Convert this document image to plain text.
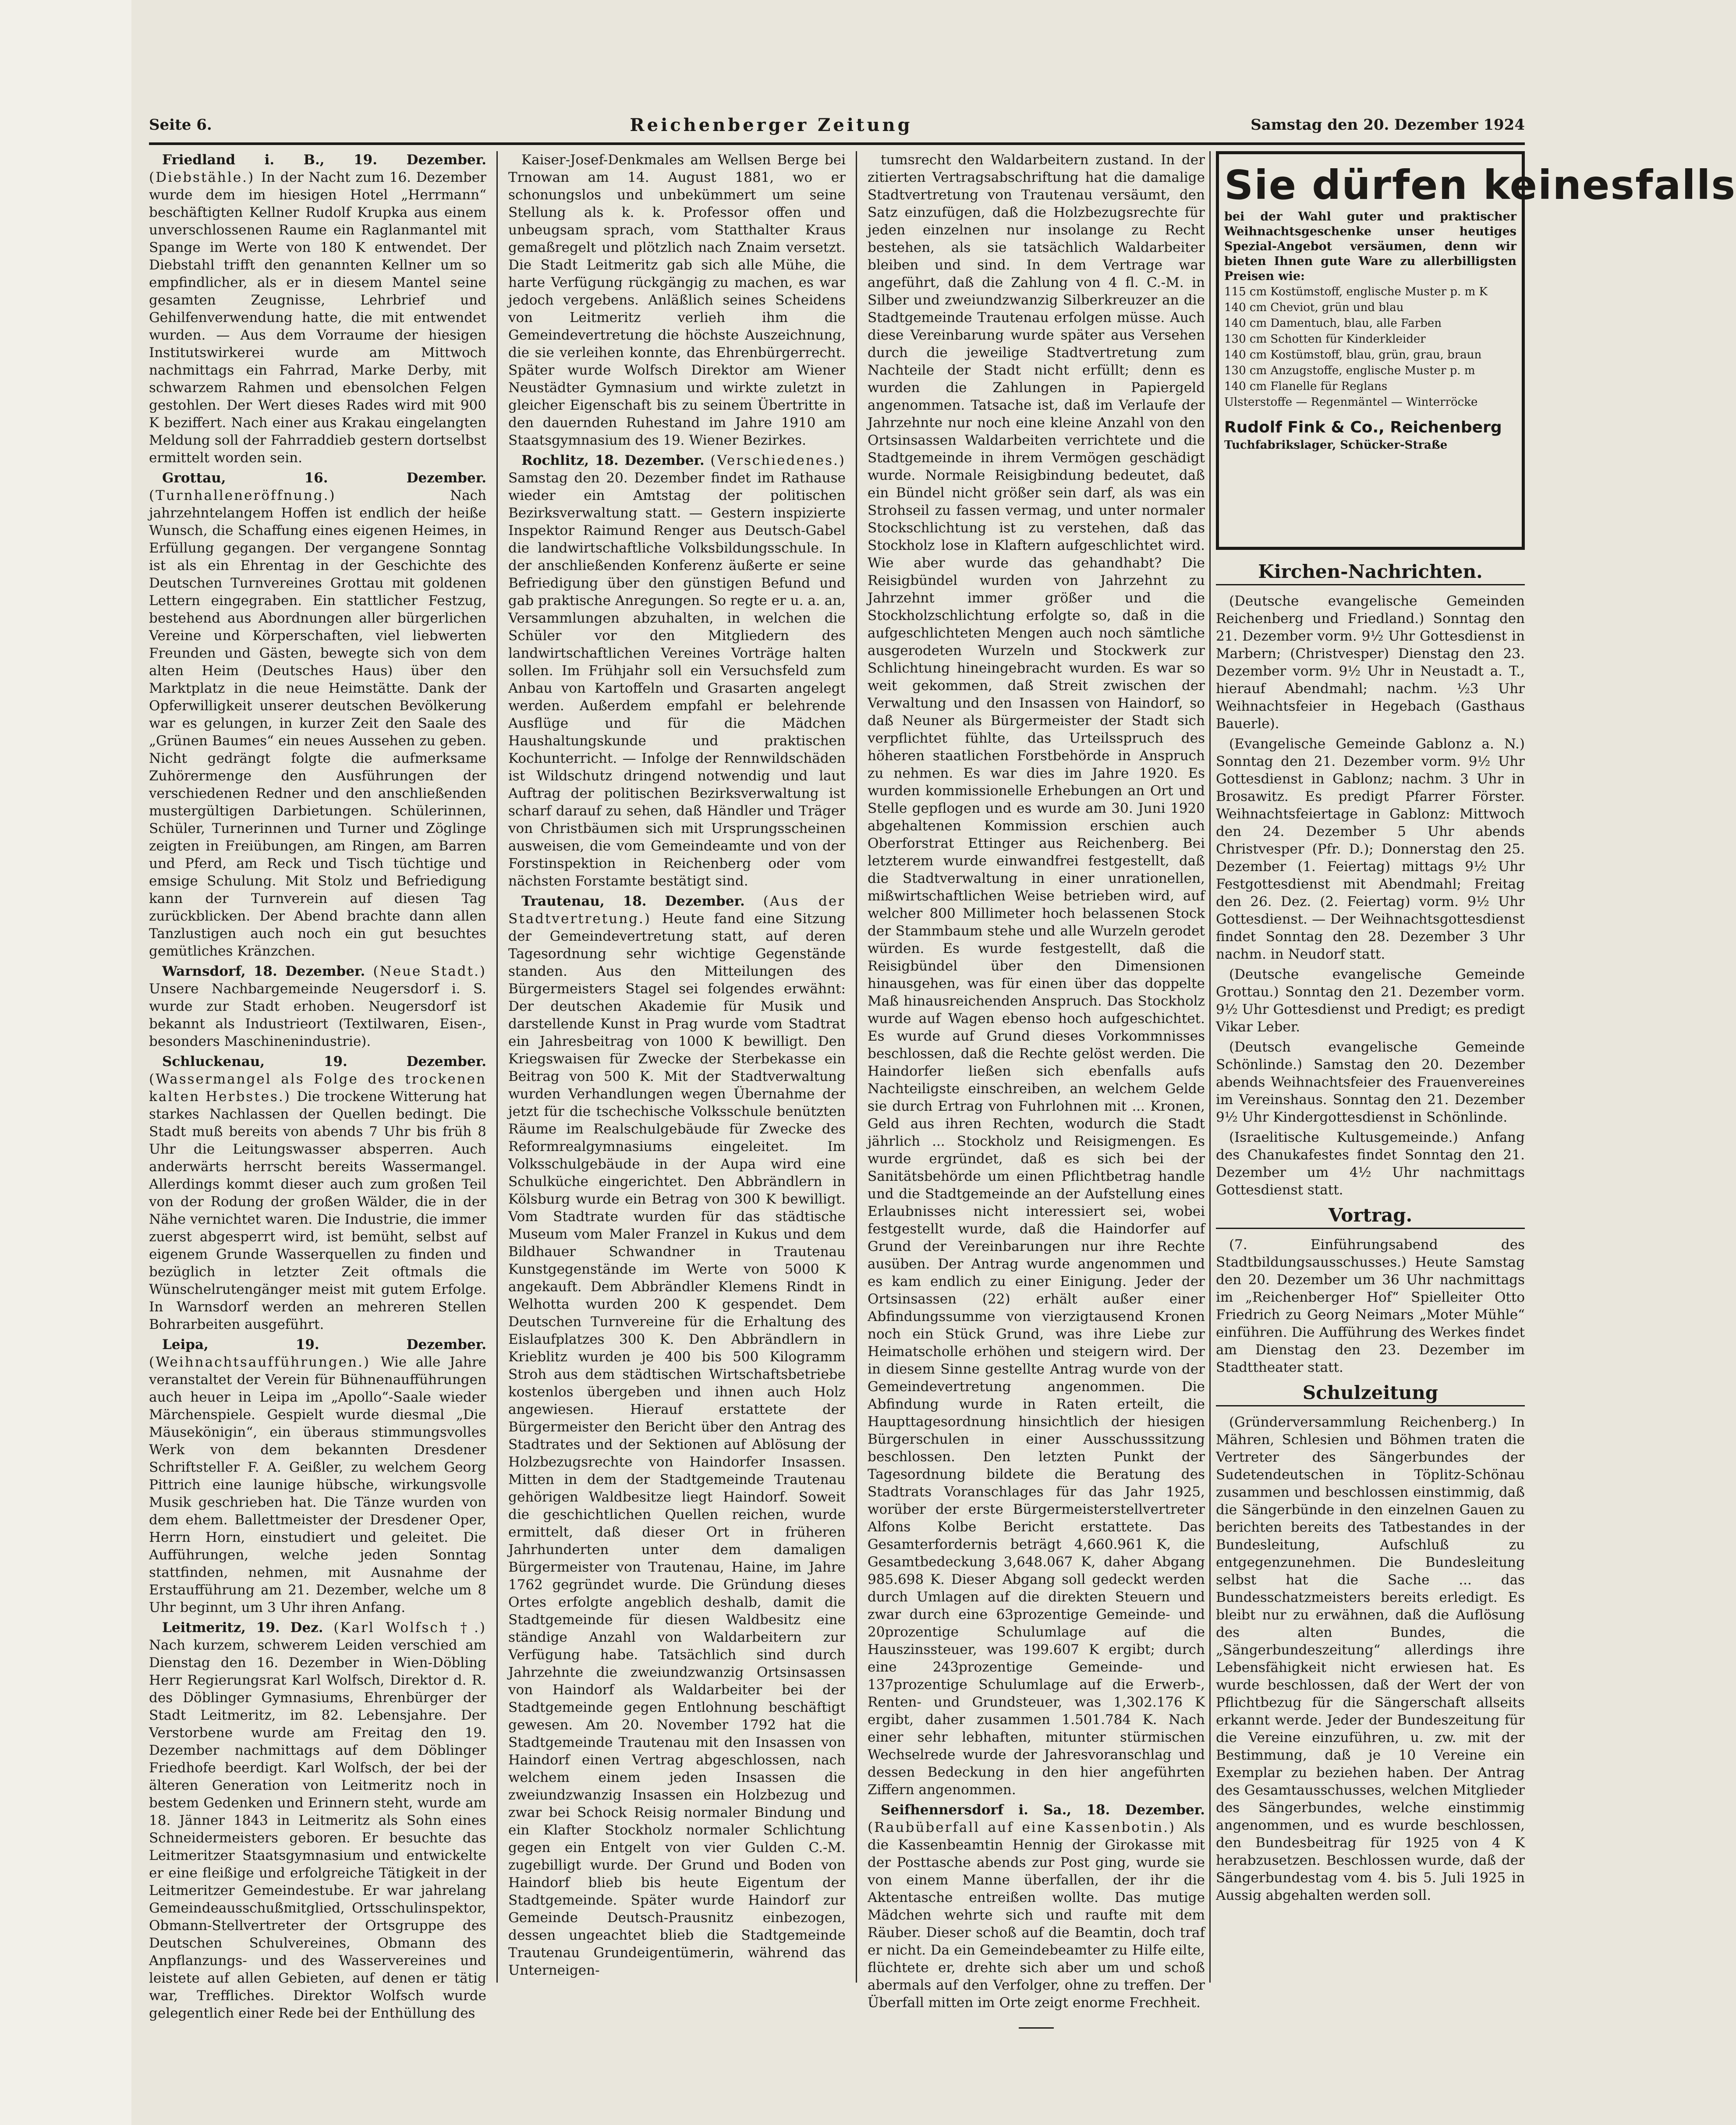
Seite 6.	Reichenberger Zeitung	Samstag den 20. Dezember 1924

Friedland i. B., 19. Dezember. (Diebstähle.) In der Nacht zum 16. Dezember wurde dem im hiesigen Hotel „Herrmann“ beschäftigten Kellner Rudolf Krupka aus einem unverschlossenen Raume ein Raglanmantel mit Spange im Werte von 180 K entwendet. Der Diebstahl trifft den genannten Kellner um so empfindlicher, als er in diesem Mantel seine gesamten Zeugnisse, Lehrbrief und Gehilfenverwendung hatte, die mit entwendet wurden. — Aus dem Vorraume der hiesigen Institutswirkerei wurde am Mittwoch nachmittags ein Fahrrad, Marke Derby, mit schwarzem Rahmen und ebensolchen Felgen gestohlen. Der Wert dieses Rades wird mit 900 K beziffert. Nach einer aus Krakau eingelangten Meldung soll der Fahrraddieb gestern dortselbst ermittelt worden sein.

Grottau, 16. Dezember. (Turnhalleneröffnung.) Nach jahrzehntelangem Hoffen ist endlich der heiße Wunsch, die Schaffung eines eigenen Heimes, in Erfüllung gegangen. Der vergangene Sonntag ist als ein Ehrentag in der Geschichte des Deutschen Turnvereines Grottau mit goldenen Lettern eingegraben. Ein stattlicher Festzug, bestehend aus Abordnungen aller bürgerlichen Vereine und Körperschaften, viel liebwerten Freunden und Gästen, bewegte sich von dem alten Heim (Deutsches Haus) über den Marktplatz in die neue Heimstätte. Dank der Opferwilligkeit unserer deutschen Bevölkerung war es gelungen, in kurzer Zeit den Saale des „Grünen Baumes“ ein neues Aussehen zu geben. Nicht gedrängt folgte die aufmerksame Zuhörermenge den Ausführungen der verschiedenen Redner und den anschließenden mustergültigen Darbietungen. Schülerinnen, Schüler, Turnerinnen und Turner und Zöglinge zeigten in Freiübungen, am Ringen, am Barren und Pferd, am Reck und Tisch tüchtige und emsige Schulung. Mit Stolz und Befriedigung kann der Turnverein auf diesen Tag zurückblicken. Der Abend brachte dann allen Tanzlustigen auch noch ein gut besuchtes gemütliches Kränzchen.

Warnsdorf, 18. Dezember. (Neue Stadt.) Unsere Nachbargemeinde Neugersdorf i. S. wurde zur Stadt erhoben. Neugersdorf ist bekannt als Industrieort (Textilwaren, Eisen-, besonders Maschinenindustrie).

Schluckenau, 19. Dezember. (Wassermangel als Folge des trockenen kalten Herbstes.) Die trockene Witterung hat starkes Nachlassen der Quellen bedingt. Die Stadt muß bereits von abends 7 Uhr bis früh 8 Uhr die Leitungswasser absperren. Auch anderwärts herrscht bereits Wassermangel. Allerdings kommt dieser auch zum großen Teil von der Rodung der großen Wälder, die in der Nähe vernichtet waren. Die Industrie, die immer zuerst abgesperrt wird, ist bemüht, selbst auf eigenem Grunde Wasserquellen zu finden und bezüglich in letzter Zeit oftmals die Wünschelrutengänger meist mit gutem Erfolge. In Warnsdorf werden an mehreren Stellen Bohrarbeiten ausgeführt.

Leipa, 19. Dezember. (Weihnachtsaufführungen.) Wie alle Jahre veranstaltet der Verein für Bühnenaufführungen auch heuer in Leipa im „Apollo“-Saale wieder Märchenspiele. Gespielt wurde diesmal „Die Mäusekönigin“, ein überaus stimmungsvolles Werk von dem bekannten Dresdener Schriftsteller F. A. Geißler, zu welchem Georg Pittrich eine launige hübsche, wirkungsvolle Musik geschrieben hat. Die Tänze wurden von dem ehem. Ballettmeister der Dresdener Oper, Herrn Horn, einstudiert und geleitet. Die Aufführungen, welche jeden Sonntag stattfinden, nehmen, mit Ausnahme der Erstaufführung am 21. Dezember, welche um 8 Uhr beginnt, um 3 Uhr ihren Anfang.

Leitmeritz, 19. Dez. (Karl Wolfsch †.) Nach kurzem, schwerem Leiden verschied am Dienstag den 16. Dezember in Wien-Döbling Herr Regierungsrat Karl Wolfsch, Direktor d. R. des Döblinger Gymnasiums, Ehrenbürger der Stadt Leitmeritz, im 82. Lebensjahre. Der Verstorbene wurde am Freitag den 19. Dezember nachmittags auf dem Döblinger Friedhofe beerdigt. Karl Wolfsch, der bei der älteren Generation von Leitmeritz noch in bestem Gedenken und Erinnern steht, wurde am 18. Jänner 1843 in Leitmeritz als Sohn eines Schneidermeisters geboren. Er besuchte das Leitmeritzer Staatsgymnasium und entwickelte er eine fleißige und erfolgreiche Tätigkeit in der Leitmeritzer Gemeindestube. Er war jahrelang Gemeindeausschußmitglied, Ortsschulinspektor, Obmann-Stellvertreter der Ortsgruppe des Deutschen Schulvereines, Obmann des Anpflanzungs- und des Wasservereines und leistete auf allen Gebieten, auf denen er tätig war, Treffliches. Direktor Wolfsch wurde gelegentlich einer Rede bei der Enthüllung des

Kaiser-Josef-Denkmales am Wellsen Berge bei Trnowan am 14. August 1881, wo er schonungslos und unbekümmert um seine Stellung als k. k. Professor offen und unbeugsam sprach, vom Statthalter Kraus gemaßregelt und plötzlich nach Znaim versetzt. Die Stadt Leitmeritz gab sich alle Mühe, die harte Verfügung rückgängig zu machen, es war jedoch vergebens. Anläßlich seines Scheidens von Leitmeritz verlieh ihm die Gemeindevertretung die höchste Auszeichnung, die sie verleihen konnte, das Ehrenbürgerrecht. Später wurde Wolfsch Direktor am Wiener Neustädter Gymnasium und wirkte zuletzt in gleicher Eigenschaft bis zu seinem Übertritte in den dauernden Ruhestand im Jahre 1910 am Staatsgymnasium des 19. Wiener Bezirkes.

Rochlitz, 18. Dezember. (Verschiedenes.) Samstag den 20. Dezember findet im Rathause wieder ein Amtstag der politischen Bezirksverwaltung statt. — Gestern inspizierte Inspektor Raimund Renger aus Deutsch-Gabel die landwirtschaftliche Volksbildungsschule. In der anschließenden Konferenz äußerte er seine Befriedigung über den günstigen Befund und gab praktische Anregungen. So regte er u. a. an, Versammlungen abzuhalten, in welchen die Schüler vor den Mitgliedern des landwirtschaftlichen Vereines Vorträge halten sollen. Im Frühjahr soll ein Versuchsfeld zum Anbau von Kartoffeln und Grasarten angelegt werden. Außerdem empfahl er belehrende Ausflüge und für die Mädchen Haushaltungskunde und praktischen Kochunterricht. — Infolge der Rennwildschäden ist Wildschutz dringend notwendig und laut Auftrag der politischen Bezirksverwaltung ist scharf darauf zu sehen, daß Händler und Träger von Christbäumen sich mit Ursprungsscheinen ausweisen, die vom Gemeindeamte und von der Forstinspektion in Reichenberg oder vom nächsten Forstamte bestätigt sind.

Trautenau, 18. Dezember. (Aus der Stadtvertretung.) Heute fand eine Sitzung der Gemeindevertretung statt, auf deren Tagesordnung sehr wichtige Gegenstände standen. Aus den Mitteilungen des Bürgermeisters Stagel sei folgendes erwähnt: Der deutschen Akademie für Musik und darstellende Kunst in Prag wurde vom Stadtrat ein Jahresbeitrag von 1000 K bewilligt. Den Kriegswaisen für Zwecke der Sterbekasse ein Beitrag von 500 K. Mit der Stadtverwaltung wurden Verhandlungen wegen Übernahme der jetzt für die tschechische Volksschule benützten Räume im Realschulgebäude für Zwecke des Reformrealgymnasiums eingeleitet. Im Volksschulgebäude in der Aupa wird eine Schulküche eingerichtet. Den Abbrändlern in Kölsburg wurde ein Betrag von 300 K bewilligt. Vom Stadtrate wurden für das städtische Museum vom Maler Franzel in Kukus und dem Bildhauer Schwandner in Trautenau Kunstgegenstände im Werte von 5000 K angekauft. Dem Abbrändler Klemens Rindt in Welhotta wurden 200 K gespendet. Dem Deutschen Turnvereine für die Erhaltung des Eislaufplatzes 300 K. Den Abbrändlern in Krieblitz wurden je 400 bis 500 Kilogramm Stroh aus dem städtischen Wirtschaftsbetriebe kostenlos übergeben und ihnen auch Holz angewiesen. Hierauf erstattete der Bürgermeister den Bericht über den Antrag des Stadtrates und der Sektionen auf Ablösung der Holzbezugsrechte von Haindorfer Insassen. Mitten in dem der Stadtgemeinde Trautenau gehörigen Waldbesitze liegt Haindorf. Soweit die geschichtlichen Quellen reichen, wurde ermittelt, daß dieser Ort in früheren Jahrhunderten unter dem damaligen Bürgermeister von Trautenau, Haine, im Jahre 1762 gegründet wurde. Die Gründung dieses Ortes erfolgte angeblich deshalb, damit die Stadtgemeinde für diesen Waldbesitz eine ständige Anzahl von Waldarbeitern zur Verfügung habe. Tatsächlich sind durch Jahrzehnte die zweiundzwanzig Ortsinsassen von Haindorf als Waldarbeiter bei der Stadtgemeinde gegen Entlohnung beschäftigt gewesen. Am 20. November 1792 hat die Stadtgemeinde Trautenau mit den Insassen von Haindorf einen Vertrag abgeschlossen, nach welchem einem jeden Insassen die zweiundzwanzig Insassen ein Holzbezug und zwar bei Schock Reisig normaler Bindung und ein Klafter Stockholz normaler Schlichtung gegen ein Entgelt von vier Gulden C.-M. zugebilligt wurde. Der Grund und Boden von Haindorf blieb bis heute Eigentum der Stadtgemeinde. Später wurde Haindorf zur Gemeinde Deutsch-Prausnitz einbezogen, dessen ungeachtet blieb die Stadtgemeinde Trautenau Grundeigentümerin, während das Unterneigen-

tumsrecht den Waldarbeitern zustand. In der zitierten Vertragsabschriftung hat die damalige Stadtvertretung von Trautenau versäumt, den Satz einzufügen, daß die Holzbezugsrechte für jeden einzelnen nur insolange zu Recht bestehen, als sie tatsächlich Waldarbeiter bleiben und sind. In dem Vertrage war angeführt, daß die Zahlung von 4 fl. C.-M. in Silber und zweiundzwanzig Silberkreuzer an die Stadtgemeinde Trautenau erfolgen müsse. Auch diese Vereinbarung wurde später aus Versehen durch die jeweilige Stadtvertretung zum Nachteile der Stadt nicht erfüllt; denn es wurden die Zahlungen in Papiergeld angenommen. Tatsache ist, daß im Verlaufe der Jahrzehnte nur noch eine kleine Anzahl von den Ortsinsassen Waldarbeiten verrichtete und die Stadtgemeinde in ihrem Vermögen geschädigt wurde. Normale Reisigbindung bedeutet, daß ein Bündel nicht größer sein darf, als was ein Strohseil zu fassen vermag, und unter normaler Stockschlichtung ist zu verstehen, daß das Stockholz lose in Klaftern aufgeschlichtet wird. Wie aber wurde das gehandhabt? Die Reisigbündel wurden von Jahrzehnt zu Jahrzehnt immer größer und die Stockholzschlichtung erfolgte so, daß in die aufgeschlichteten Mengen auch noch sämtliche ausgerodeten Wurzeln und Stockwerk zur Schlichtung hineingebracht wurden. Es war so weit gekommen, daß Streit zwischen der Verwaltung und den Insassen von Haindorf, so daß Neuner als Bürgermeister der Stadt sich verpflichtet fühlte, das Urteilsspruch des höheren staatlichen Forstbehörde in Anspruch zu nehmen. Es war dies im Jahre 1920. Es wurden kommissionelle Erhebungen an Ort und Stelle gepflogen und es wurde am 30. Juni 1920 abgehaltenen Kommission erschien auch Oberforstrat Ettinger aus Reichenberg. Bei letzterem wurde einwandfrei festgestellt, daß die Stadtverwaltung in einer unrationellen, mißwirtschaftlichen Weise betrieben wird, auf welcher 800 Millimeter hoch belassenen Stock der Stammbaum stehe und alle Wurzeln gerodet würden. Es wurde festgestellt, daß die Reisigbündel über den Dimensionen hinausgehen, was für einen über das doppelte Maß hinausreichenden Anspruch. Das Stockholz wurde auf Wagen ebenso hoch aufgeschichtet. Es wurde auf Grund dieses Vorkommnisses beschlossen, daß die Rechte gelöst werden. Die Haindorfer ließen sich ebenfalls aufs Nachteiligste einschreiben, an welchem Gelde sie durch Ertrag von Fuhrlohnen mit ... Kronen, Geld aus ihren Rechten, wodurch die Stadt jährlich ... Stockholz und Reisigmengen. Es wurde ergründet, daß es sich bei der Sanitätsbehörde um einen Pflichtbetrag handle und die Stadtgemeinde an der Aufstellung eines Erlaubnisses nicht interessiert sei, wobei festgestellt wurde, daß die Haindorfer auf Grund der Vereinbarungen nur ihre Rechte ausüben. Der Antrag wurde angenommen und es kam endlich zu einer Einigung. Jeder der Ortsinsassen (22) erhält außer einer Abfindungssumme von vierzigtausend Kronen noch ein Stück Grund, was ihre Liebe zur Heimatscholle erhöhen und steigern wird. Der in diesem Sinne gestellte Antrag wurde von der Gemeindevertretung angenommen. Die Abfindung wurde in Raten erteilt, die Haupttagesordnung hinsichtlich der hiesigen Bürgerschulen in einer Ausschusssitzung beschlossen. Den letzten Punkt der Tagesordnung bildete die Beratung des Stadtrats Voranschlages für das Jahr 1925, worüber der erste Bürgermeisterstellvertreter Alfons Kolbe Bericht erstattete. Das Gesamterfordernis beträgt 4,660.961 K, die Gesamtbedeckung 3,648.067 K, daher Abgang 985.698 K. Dieser Abgang soll gedeckt werden durch Umlagen auf die direkten Steuern und zwar durch eine 63prozentige Gemeinde- und 20prozentige Schulumlage auf die Hauszinssteuer, was 199.607 K ergibt; durch eine 243prozentige Gemeinde- und 137prozentige Schulumlage auf die Erwerb-, Renten- und Grundsteuer, was 1,302.176 K ergibt, daher zusammen 1.501.784 K. Nach einer sehr lebhaften, mitunter stürmischen Wechselrede wurde der Jahresvoranschlag und dessen Bedeckung in den hier angeführten Ziffern angenommen.

Seifhennersdorf i. Sa., 18. Dezember. (Raubüberfall auf eine Kassenbotin.) Als die Kassenbeamtin Hennig der Girokasse mit der Posttasche abends zur Post ging, wurde sie von einem Manne überfallen, der ihr die Aktentasche entreißen wollte. Das mutige Mädchen wehrte sich und raufte mit dem Räuber. Dieser schoß auf die Beamtin, doch traf er nicht. Da ein Gemeindebeamter zu Hilfe eilte, flüchtete er, drehte sich aber um und schoß abermals auf den Verfolger, ohne zu treffen. Der Überfall mitten im Orte zeigt enorme Frechheit.

Sie dürfen keinesfalls
bei der Wahl guter und praktischer Weihnachtsgeschenke unser heutiges Spezial-Angebot versäumen, denn wir bieten Ihnen gute Ware zu allerbilligsten Preisen wie:
115 cm Kostümstoff, englische Muster p. m K
140 cm Cheviot, grün und blau
140 cm Damentuch, blau, alle Farben
130 cm Schotten für Kinderkleider
140 cm Kostümstoff, blau, grün, grau, braun
130 cm Anzugstoffe, englische Muster p. m
140 cm Flanelle für Reglans
Ulsterstoffe — Regenmäntel — Winterröcke
Rudolf Fink & Co., Reichenberg
Tuchfabrikslager, Schücker-Straße
Kirchen-Nachrichten.

(Deutsche evangelische Gemeinden Reichenberg und Friedland.) Sonntag den 21. Dezember vorm. 9½ Uhr Gottesdienst in Marbern; (Christvesper) Dienstag den 23. Dezember vorm. 9½ Uhr in Neustadt a. T., hierauf Abendmahl; nachm. ½3 Uhr Weihnachtsfeier in Hegebach (Gasthaus Bauerle).

(Evangelische Gemeinde Gablonz a. N.) Sonntag den 21. Dezember vorm. 9½ Uhr Gottesdienst in Gablonz; nachm. 3 Uhr in Brosawitz. Es predigt Pfarrer Förster. Weihnachtsfeiertage in Gablonz: Mittwoch den 24. Dezember 5 Uhr abends Christvesper (Pfr. D.); Donnerstag den 25. Dezember (1. Feiertag) mittags 9½ Uhr Festgottesdienst mit Abendmahl; Freitag den 26. Dez. (2. Feiertag) vorm. 9½ Uhr Gottesdienst. — Der Weihnachtsgottesdienst findet Sonntag den 28. Dezember 3 Uhr nachm. in Neudorf statt.

(Deutsche evangelische Gemeinde Grottau.) Sonntag den 21. Dezember vorm. 9½ Uhr Gottesdienst und Predigt; es predigt Vikar Leber.

(Deutsch evangelische Gemeinde Schönlinde.) Samstag den 20. Dezember abends Weihnachtsfeier des Frauenvereines im Vereinshaus. Sonntag den 21. Dezember 9½ Uhr Kindergottesdienst in Schönlinde.

(Israelitische Kultusgemeinde.) Anfang des Chanukafestes findet Sonntag den 21. Dezember um 4½ Uhr nachmittags Gottesdienst statt.

Vortrag.

(7. Einführungsabend des Stadtbildungsausschusses.) Heute Samstag den 20. Dezember um 36 Uhr nachmittags im „Reichenberger Hof“ Spielleiter Otto Friedrich zu Georg Neimars „Moter Mühle“ einführen. Die Aufführung des Werkes findet am Dienstag den 23. Dezember im Stadttheater statt.

Schulzeitung

(Gründerversammlung Reichenberg.) In Mähren, Schlesien und Böhmen traten die Vertreter des Sängerbundes der Sudetendeutschen in Töplitz-Schönau zusammen und beschlossen einstimmig, daß die Sängerbünde in den einzelnen Gauen zu berichten bereits des Tatbestandes in der Bundesleitung, Aufschluß zu entgegenzunehmen. Die Bundesleitung selbst hat die Sache ... das Bundesschatzmeisters bereits erledigt. Es bleibt nur zu erwähnen, daß die Auflösung des alten Bundes, die „Sängerbundeszeitung“ allerdings ihre Lebensfähigkeit nicht erwiesen hat. Es wurde beschlossen, daß der Wert der von Pflichtbezug für die Sängerschaft allseits erkannt werde. Jeder der Bundeszeitung für die Vereine einzuführen, u. zw. mit der Bestimmung, daß je 10 Vereine ein Exemplar zu beziehen haben. Der Antrag des Gesamtausschusses, welchen Mitglieder des Sängerbundes, welche einstimmig angenommen, und es wurde beschlossen, den Bundesbeitrag für 1925 von 4 K herabzusetzen. Beschlossen wurde, daß der Sängerbundestag vom 4. bis 5. Juli 1925 in Aussig abgehalten werden soll.
